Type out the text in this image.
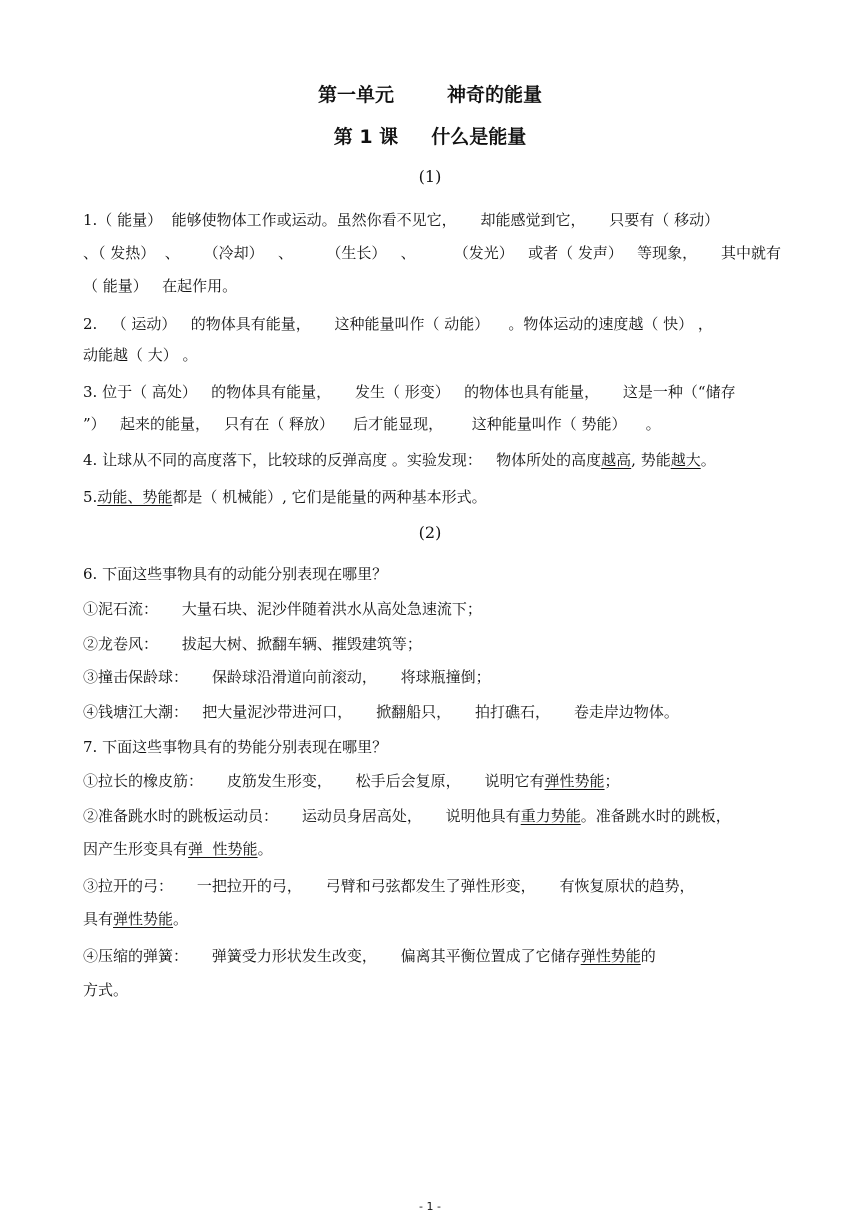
第一单元        神奇的能量
第 1 课     什么是能量
(1)
1.（ 能量）  能够使物体工作或运动。虽然你看不见它，     却能感觉到它，     只要有（ 移动）
、（ 发热）  、     （冷却）   、       （生长）   、        （发光）   或者（ 发声）   等现象，     其中就有
（ 能量）   在起作用。
2.   （ 运动）   的物体具有能量，     这种能量叫作（ 动能）    。物体运动的速度越（ 快） ，
动能越（ 大） 。
3. 位于（ 高处）   的物体具有能量，     发生（ 形变）   的物体也具有能量，     这是一种（“储存
”）   起来的能量，   只有在（ 释放）    后才能显现，      这种能量叫作（ 势能）    。
4. 让球从不同的高度落下，比较球的反弹高度 。实验发现：   物体所处的高度越高, 势能越大。
5.动能、势能都是（ 机械能）, 它们是能量的两种基本形式。
(2)
6. 下面这些事物具有的动能分别表现在哪里？
①泥石流：     大量石块、泥沙伴随着洪水从高处急速流下；
②龙卷风：     拔起大树、掀翻车辆、摧毁建筑等；
③撞击保龄球：     保龄球沿滑道向前滚动，     将球瓶撞倒；
④钱塘江大潮：   把大量泥沙带进河口，     掀翻船只，     拍打礁石，     卷走岸边物体。
7. 下面这些事物具有的势能分别表现在哪里？
①拉长的橡皮筋：     皮筋发生形变，     松手后会复原，     说明它有弹性势能；
②准备跳水时的跳板运动员：     运动员身居高处，     说明他具有重力势能。准备跳水时的跳板，
因产生形变具有弹  性势能。
③拉开的弓：     一把拉开的弓，     弓臂和弓弦都发生了弹性形变，     有恢复原状的趋势，
具有弹性势能。
④压缩的弹簧：     弹簧受力形状发生改变，     偏离其平衡位置成了它储存弹性势能的
方式。
- 1 -
